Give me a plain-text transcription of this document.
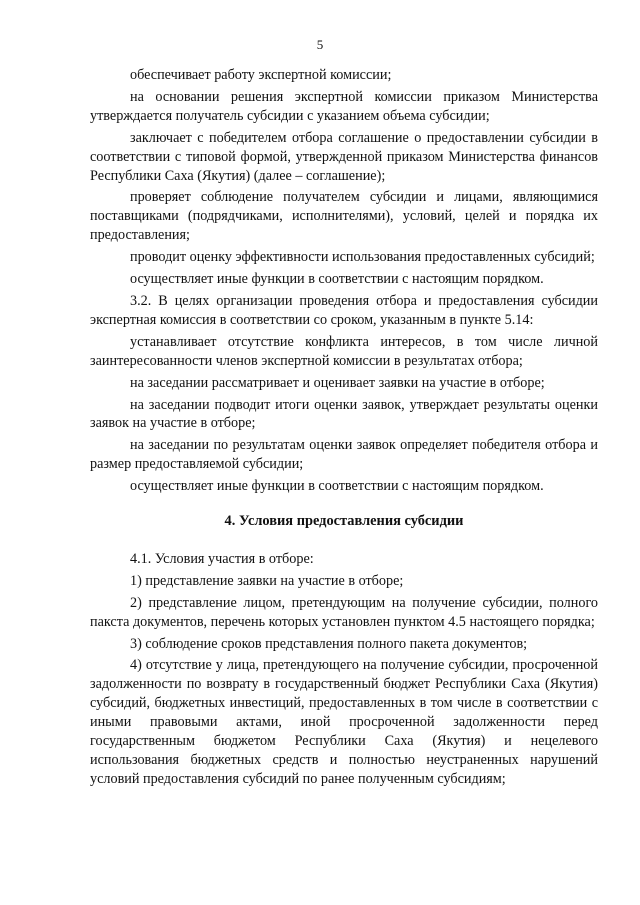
5

обеспечивает работу экспертной комиссии;

на основании решения экспертной комиссии приказом Министерства утверждается получатель субсидии с указанием объема субсидии;

заключает с победителем отбора соглашение о предоставлении субсидии в соответствии с типовой формой, утвержденной приказом Министерства финансов Республики Саха (Якутия) (далее – соглашение);

проверяет соблюдение получателем субсидии и лицами, являющимися поставщиками (подрядчиками, исполнителями), условий, целей и порядка их предоставления;

проводит оценку эффективности использования предоставленных субсидий;

осуществляет иные функции в соответствии с настоящим порядком.

3.2. В целях организации проведения отбора и предоставления субсидии экспертная комиссия в соответствии со сроком, указанным в пункте 5.14:

устанавливает отсутствие конфликта интересов, в том числе личной заинтересованности членов экспертной комиссии в результатах отбора;

на заседании рассматривает и оценивает заявки на участие в отборе;

на заседании подводит итоги оценки заявок, утверждает результаты оценки заявок на участие в отборе;

на заседании по результатам оценки заявок определяет победителя отбора и размер предоставляемой субсидии;

осуществляет иные функции в соответствии с настоящим порядком.

4. Условия предоставления субсидии

4.1. Условия участия в отборе:

1) представление заявки на участие в отборе;

2) представление лицом, претендующим на получение субсидии, полного пакста документов, перечень которых установлен пунктом 4.5 настоящего порядка;

3) соблюдение сроков представления полного пакета документов;

4) отсутствие у лица, претендующего на получение субсидии, просроченной задолженности по возврату в государственный бюджет Республики Саха (Якутия) субсидий, бюджетных инвестиций, предоставленных в том числе в соответствии с иными правовыми актами, иной просроченной задолженности перед государственным бюджетом Республики Саха (Якутия) и нецелевого использования бюджетных средств и полностью неустраненных нарушений условий предоставления субсидий по ранее полученным субсидиям;
